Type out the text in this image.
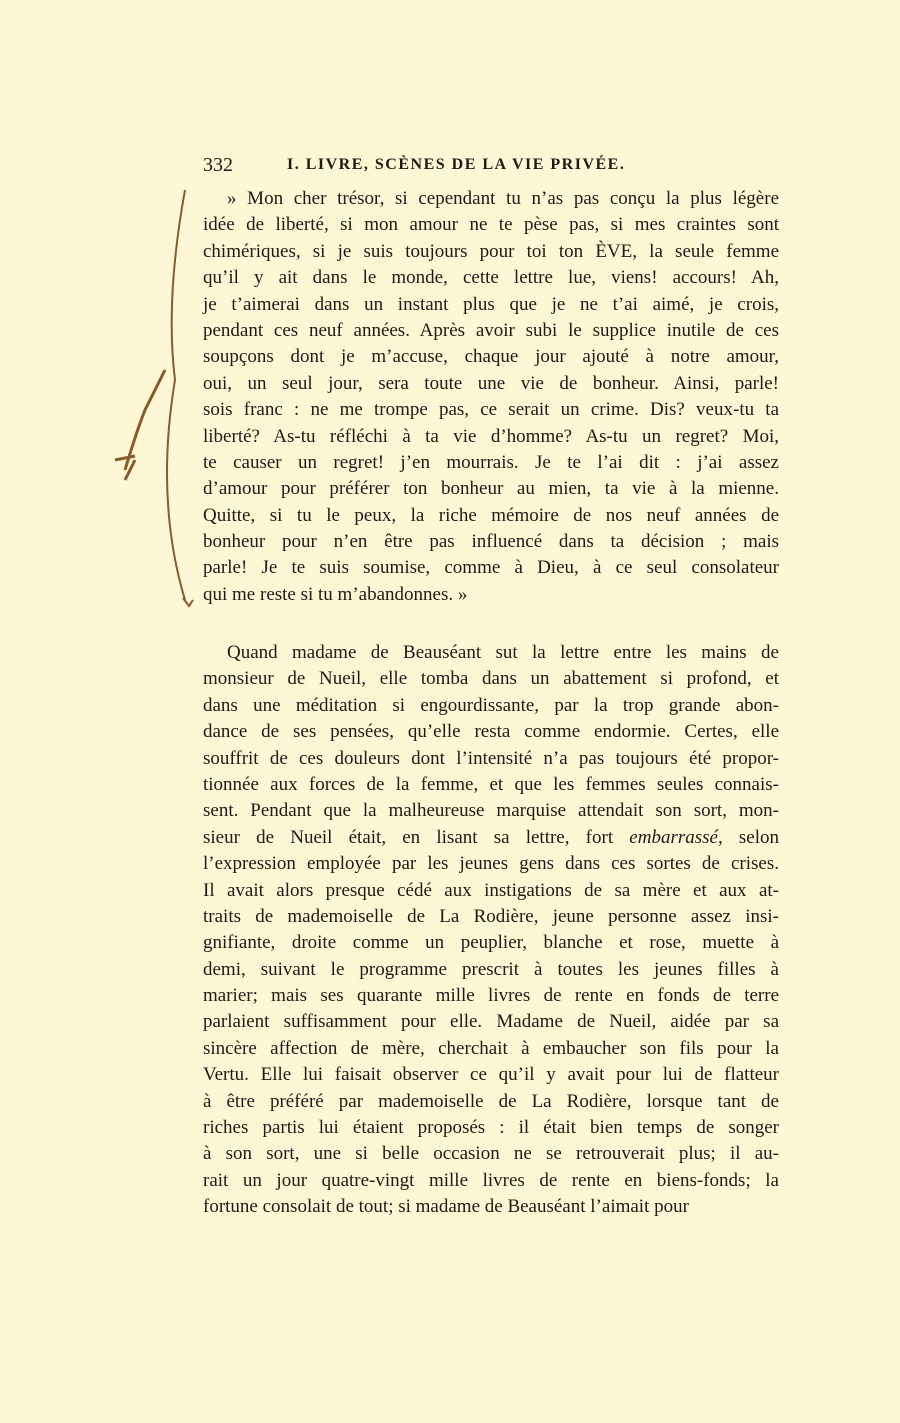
332	I. LIVRE, SCÈNES DE LA VIE PRIVÉE.
» Mon cher trésor, si cependant tu n’as pas conçu la plus légère
idée de liberté, si mon amour ne te pèse pas, si mes craintes sont
chimériques, si je suis toujours pour toi ton ÈVE, la seule femme
qu’il y ait dans le monde, cette lettre lue, viens! accours! Ah,
je t’aimerai dans un instant plus que je ne t’ai aimé, je crois,
pendant ces neuf années. Après avoir subi le supplice inutile de ces
soupçons dont je m’accuse, chaque jour ajouté à notre amour,
oui, un seul jour, sera toute une vie de bonheur. Ainsi, parle!
sois franc : ne me trompe pas, ce serait un crime. Dis? veux-tu ta
liberté? As-tu réfléchi à ta vie d’homme? As-tu un regret? Moi,
te causer un regret! j’en mourrais. Je te l’ai dit : j’ai assez
d’amour pour préférer ton bonheur au mien, ta vie à la mienne.
Quitte, si tu le peux, la riche mémoire de nos neuf années de
bonheur pour n’en être pas influencé dans ta décision ; mais
parle! Je te suis soumise, comme à Dieu, à ce seul consolateur
qui me reste si tu m’abandonnes. »
Quand madame de Beauséant sut la lettre entre les mains de
monsieur de Nueil, elle tomba dans un abattement si profond, et
dans une méditation si engourdissante, par la trop grande abon-
dance de ses pensées, qu’elle resta comme endormie. Certes, elle
souffrit de ces douleurs dont l’intensité n’a pas toujours été propor-
tionnée aux forces de la femme, et que les femmes seules connais-
sent. Pendant que la malheureuse marquise attendait son sort, mon-
sieur de Nueil était, en lisant sa lettre, fort embarrassé, selon
l’expression employée par les jeunes gens dans ces sortes de crises.
Il avait alors presque cédé aux instigations de sa mère et aux at-
traits de mademoiselle de La Rodière, jeune personne assez insi-
gnifiante, droite comme un peuplier, blanche et rose, muette à
demi, suivant le programme prescrit à toutes les jeunes filles à
marier; mais ses quarante mille livres de rente en fonds de terre
parlaient suffisamment pour elle. Madame de Nueil, aidée par sa
sincère affection de mère, cherchait à embaucher son fils pour la
Vertu. Elle lui faisait observer ce qu’il y avait pour lui de flatteur
à être préféré par mademoiselle de La Rodière, lorsque tant de
riches partis lui étaient proposés : il était bien temps de songer
à son sort, une si belle occasion ne se retrouverait plus; il au-
rait un jour quatre-vingt mille livres de rente en biens-fonds; la
fortune consolait de tout; si madame de Beauséant l’aimait pour
